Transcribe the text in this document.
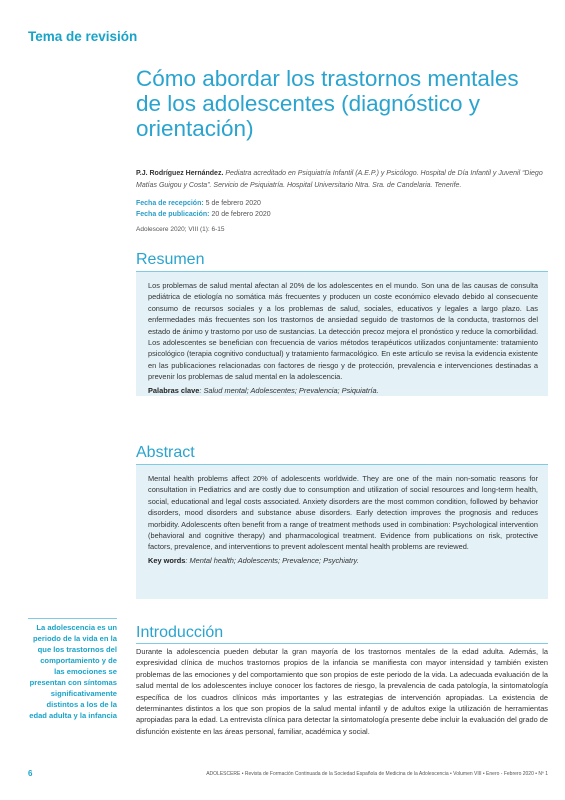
Tema de revisión
Cómo abordar los trastornos mentales de los adolescentes (diagnóstico y orientación)
P.J. Rodríguez Hernández. Pediatra acreditado en Psiquiatría Infantil (A.E.P.) y Psicólogo. Hospital de Día Infantil y Juvenil “Diego Matías Guigou y Costa”. Servicio de Psiquiatría. Hospital Universitario Ntra. Sra. de Candelaria. Tenerife.
Fecha de recepción: 5 de febrero 2020
Fecha de publicación: 20 de febrero 2020
Adolescere 2020; VIII (1): 6-15
Resumen

Los problemas de salud mental afectan al 20% de los adolescentes en el mundo. Son una de las causas de consulta pediátrica de etiología no somática más frecuentes y producen un coste económico elevado debido al consecuente consumo de recursos sociales y a los problemas de salud, sociales, educativos y legales a largo plazo. Las enfermedades más frecuentes son los trastornos de ansiedad seguido de trastornos de la conducta, trastornos del estado de ánimo y trastorno por uso de sustancias. La detección precoz mejora el pronóstico y reduce la comorbilidad. Los adolescentes se benefician con frecuencia de varios métodos terapéuticos utilizados conjuntamente: tratamiento psicológico (terapia cognitivo conductual) y tratamiento farmacológico. En este artículo se revisa la evidencia existente en las publicaciones relacionadas con factores de riesgo y de protección, prevalencia e intervenciones destinadas a prevenir los problemas de salud mental en la adolescencia.

Palabras clave: Salud mental; Adolescentes; Prevalencia; Psiquiatría.

Abstract

Mental health problems affect 20% of adolescents worldwide. They are one of the main non-somatic reasons for consultation in Pediatrics and are costly due to consumption and utilization of social resources and long-term health, social, educational and legal costs associated. Anxiety disorders are the most common condition, followed by behavior disorders, mood disorders and substance abuse disorders. Early detection improves the prognosis and reduces morbidity. Adolescents often benefit from a range of treatment methods used in combination: Psychological intervention (behavioral and cognitive therapy) and pharmacological treatment. Evidence from publications on risk, protective factors, prevalence, and interventions to prevent adolescent mental health problems are reviewed.

Key words: Mental health; Adolescents; Prevalence; Psychiatry.

La adolescencia es un periodo de la vida en la que los trastornos del comportamiento y de las emociones se presentan con síntomas significativamente distintos a los de la edad adulta y la infancia
Introducción

Durante la adolescencia pueden debutar la gran mayoría de los trastornos mentales de la edad adulta. Además, la expresividad clínica de muchos trastornos propios de la infancia se manifiesta con mayor intensidad y también existen problemas de las emociones y del comportamiento que son propios de este periodo de la vida. La adecuada evaluación de la salud mental de los adolescentes incluye conocer los factores de riesgo, la prevalencia de cada patología, la sintomatología específica de los cuadros clínicos más importantes y las estrategias de intervención apropiadas. La existencia de determinantes distintos a los que son propios de la salud mental infantil y de adultos exige la utilización de herramientas apropiadas para la edad. La entrevista clínica para detectar la sintomatología presente debe incluir la evaluación del grado de disfunción existente en las áreas personal, familiar, académica y social.

6	ADOLESCERE • Revista de Formación Continuada de la Sociedad Española de Medicina de la Adolescencia • Volumen VIII • Enero - Febrero 2020 • Nº 1
